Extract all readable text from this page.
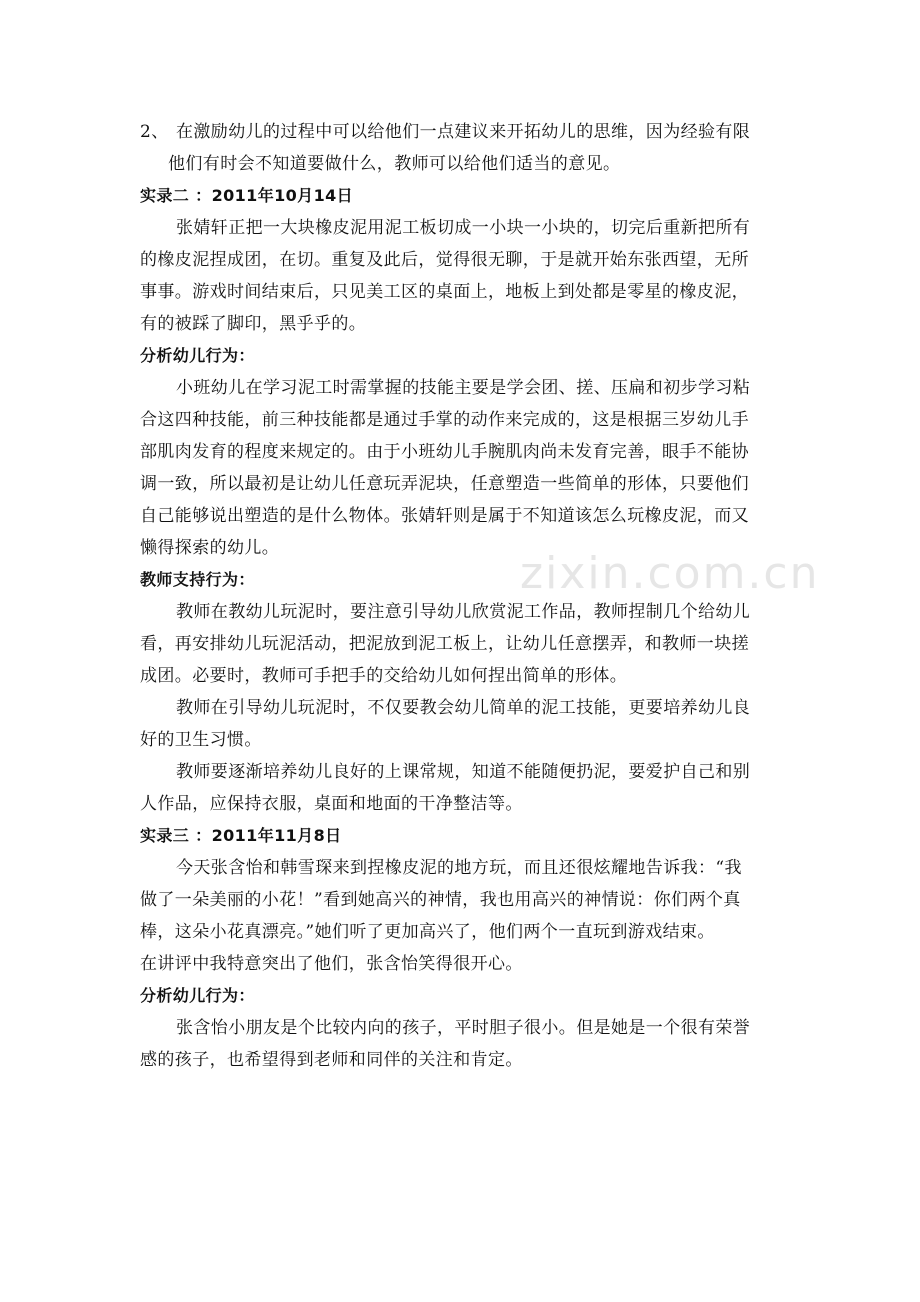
zixin.com.cn
2、 在激励幼儿的过程中可以给他们一点建议来开拓幼儿的思维，因为经验有限
他们有时会不知道要做什么，教师可以给他们适当的意见。
实录二 ：2011年10月14日
张婧轩正把一大块橡皮泥用泥工板切成一小块一小块的，切完后重新把所有
的橡皮泥捏成团，在切。重复及此后，觉得很无聊，于是就开始东张西望，无所
事事。游戏时间结束后，只见美工区的桌面上，地板上到处都是零星的橡皮泥，
有的被踩了脚印，黑乎乎的。
分析幼儿行为：
小班幼儿在学习泥工时需掌握的技能主要是学会团、搓、压扁和初步学习粘
合这四种技能，前三种技能都是通过手掌的动作来完成的，这是根据三岁幼儿手
部肌肉发育的程度来规定的。由于小班幼儿手腕肌肉尚未发育完善，眼手不能协
调一致，所以最初是让幼儿任意玩弄泥块，任意塑造一些简单的形体，只要他们
自己能够说出塑造的是什么物体。张婧轩则是属于不知道该怎么玩橡皮泥，而又
懒得探索的幼儿。
教师支持行为：
教师在教幼儿玩泥时，要注意引导幼儿欣赏泥工作品，教师捏制几个给幼儿
看，再安排幼儿玩泥活动，把泥放到泥工板上，让幼儿任意摆弄，和教师一块搓
成团。必要时，教师可手把手的交给幼儿如何捏出简单的形体。
教师在引导幼儿玩泥时，不仅要教会幼儿简单的泥工技能，更要培养幼儿良
好的卫生习惯。
教师要逐渐培养幼儿良好的上课常规，知道不能随便扔泥，要爱护自己和别
人作品，应保持衣服，桌面和地面的干净整洁等。
实录三 ：2011年11月8日
今天张含怡和韩雪琛来到捏橡皮泥的地方玩，而且还很炫耀地告诉我：“我
做了一朵美丽的小花！”看到她高兴的神情，我也用高兴的神情说：你们两个真
棒，这朵小花真漂亮。”她们听了更加高兴了，他们两个一直玩到游戏结束。
在讲评中我特意突出了他们，张含怡笑得很开心。
分析幼儿行为：
张含怡小朋友是个比较内向的孩子，平时胆子很小。但是她是一个很有荣誉
感的孩子，也希望得到老师和同伴的关注和肯定。
